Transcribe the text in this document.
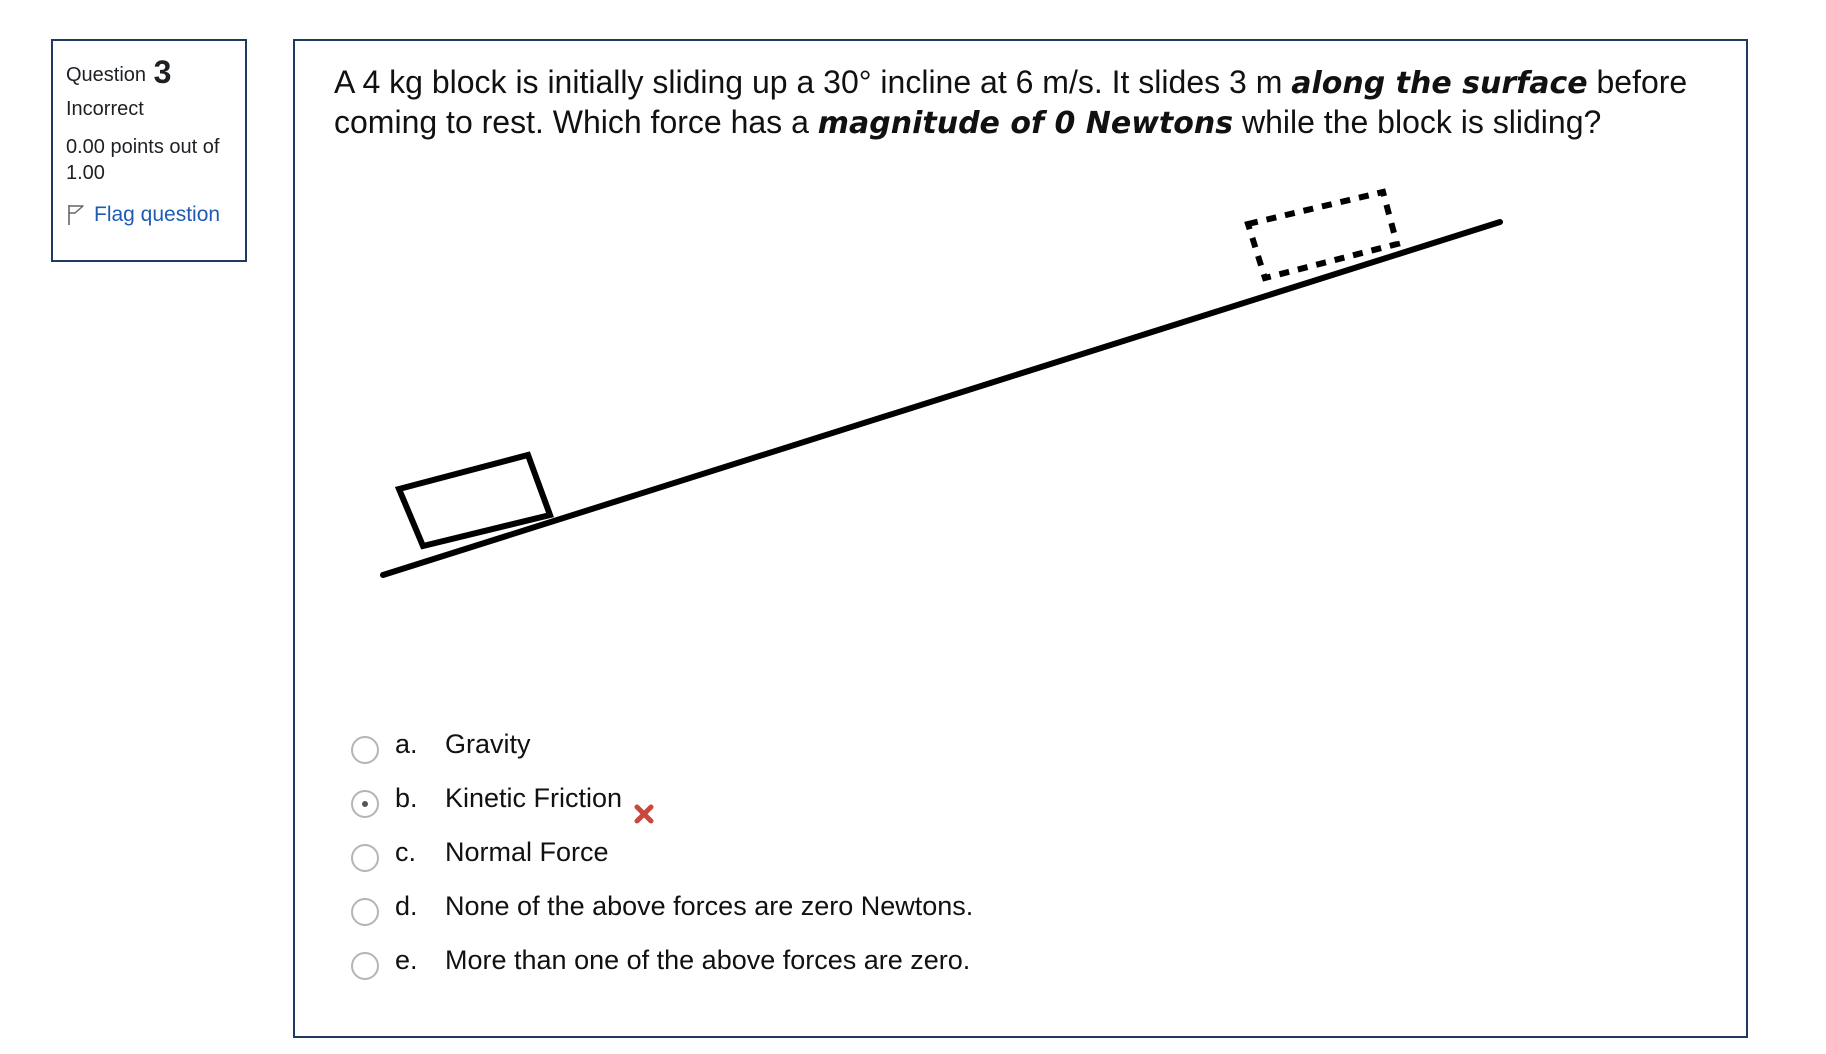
Question 3
Incorrect
0.00 points out of 1.00
Flag question
A 4 kg block is initially sliding up a 30° incline at 6 m/s. It slides 3 m along the surface before coming to rest. Which force has a magnitude of 0 Newtons while the block is sliding?
a. Gravity
b. Kinetic Friction
c. Normal Force
d. None of the above forces are zero Newtons.
e. More than one of the above forces are zero.
